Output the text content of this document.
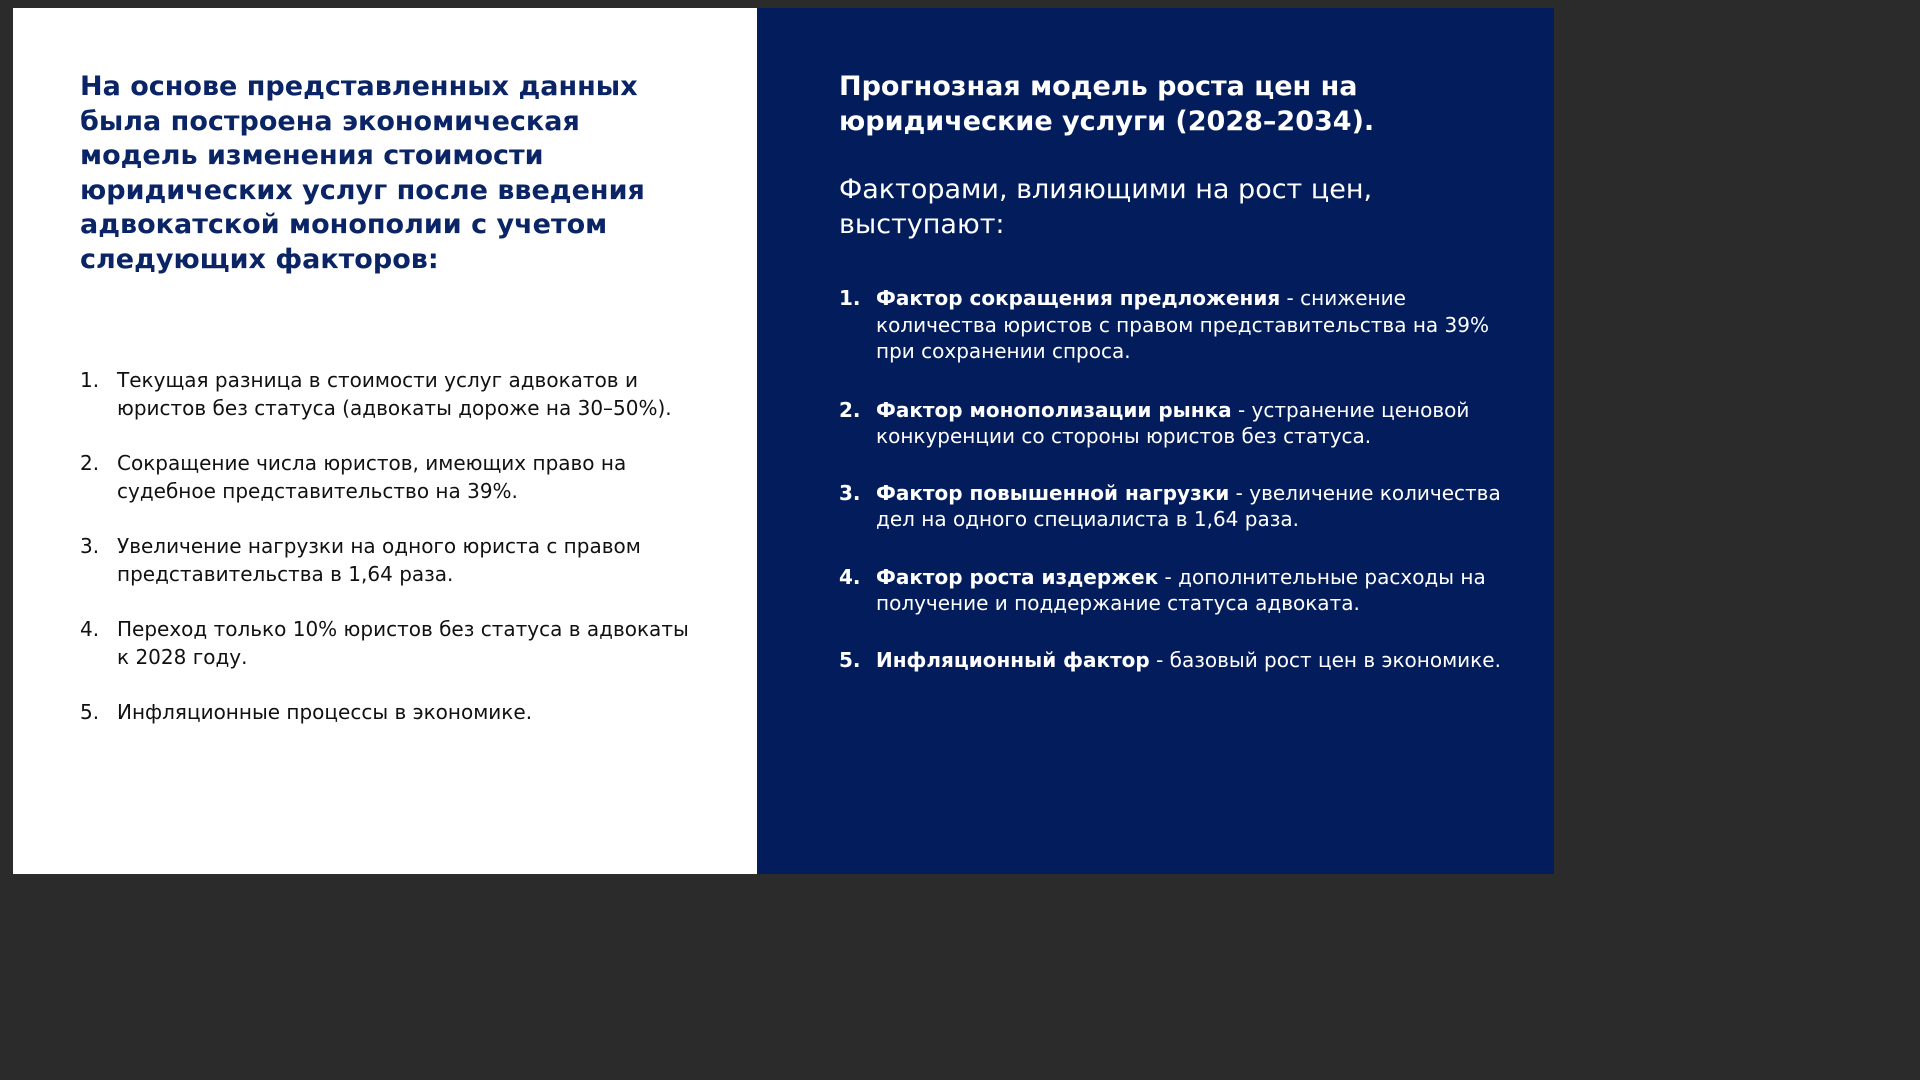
На основе представленных данных была построена экономическая модель изменения стоимости юридических услуг после введения адвокатской монополии с учетом следующих факторов:
1. Текущая разница в стоимости услуг адвокатов и юристов без статуса (адвокаты дороже на 30–50%).
2. Сокращение числа юристов, имеющих право на судебное представительство на 39%.
3. Увеличение нагрузки на одного юриста с правом представительства в 1,64 раза.
4. Переход только 10% юристов без статуса в адвокаты к 2028 году.
5. Инфляционные процессы в экономике.
Прогнозная модель роста цен на юридические услуги (2028–2034).

Факторами, влияющими на рост цен, выступают:

1. Фактор сокращения предложения - снижение количества юристов с правом представительства на 39% при сохранении спроса.
2. Фактор монополизации рынка - устранение ценовой конкуренции со стороны юристов без статуса.
3. Фактор повышенной нагрузки - увеличение количества дел на одного специалиста в 1,64 раза.
4. Фактор роста издержек - дополнительные расходы на получение и поддержание статуса адвоката.
5. Инфляционный фактор - базовый рост цен в экономике.
